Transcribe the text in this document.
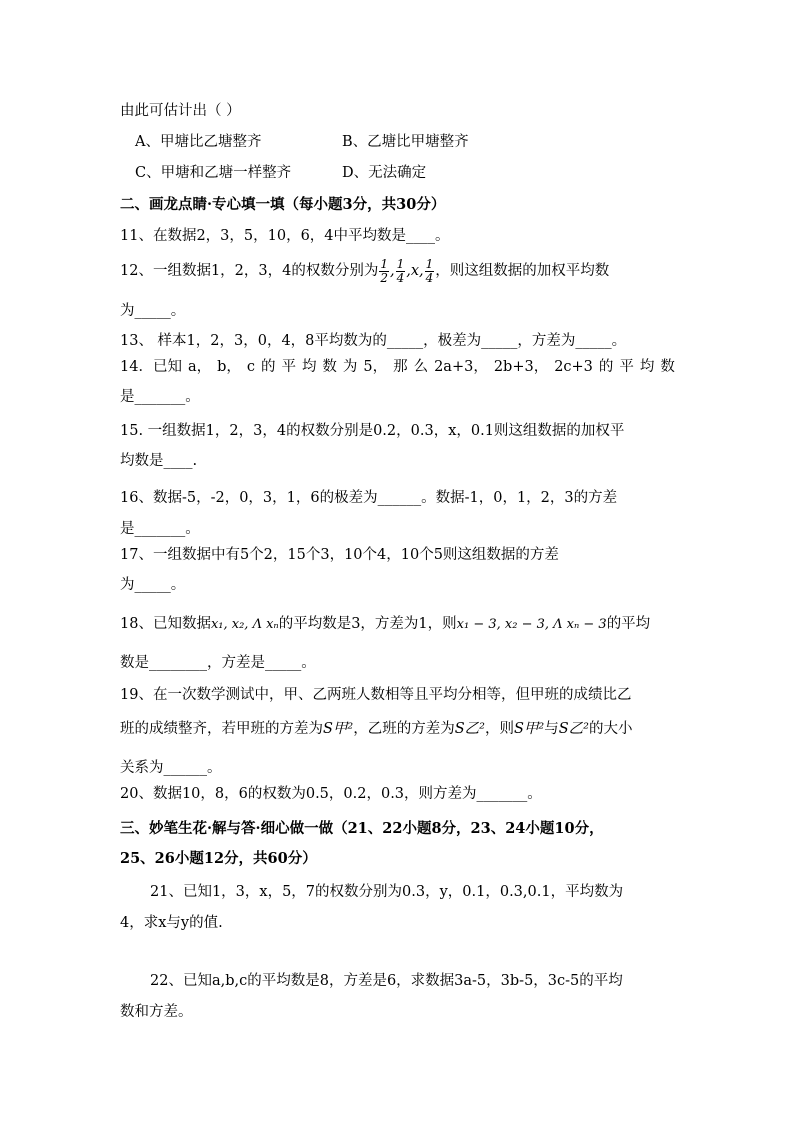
由此可估计出（ ）
A、甲塘比乙塘整齐	B、乙塘比甲塘整齐
C、甲塘和乙塘一样整齐	D、无法确定
二、画龙点睛·专心填一填（每小题3分，共30分）
11、在数据2，3，5，10，6，4中平均数是____。
12、一组数据1，2，3，4的权数分别为 $\frac{1}{2}$ , $\frac{1}{4}$ , x , $\frac{1}{4}$ ，则这组数据的加权平均数
为_____。
13、 样本1，2，3，0，4，8平均数为的_____，极差为_____，方差为_____。
14．已知 a， b， c 的 平 均 数 为 5， 那 么 2a+3， 2b+3， 2c+3 的 平 均 数
是_______。
15. 一组数据1，2，3，4的权数分别是0.2，0.3，x，0.1则这组数据的加权平
均数是____.
16、数据-5，-2，0，3，1，6的极差为______。数据-1，0，1，2，3的方差
是_______。
17、一组数据中有5个2，15个3，10个4，10个5则这组数据的方差
为_____。
18、已知数据x₁, x₂, Λ xₙ的平均数是3，方差为1，则x₁ − 3, x₂ − 3, Λ xₙ − 3的平均
数是________，方差是_____。
19、在一次数学测试中，甲、乙两班人数相等且平均分相等，但甲班的成绩比乙
班的成绩整齐，若甲班的方差为S甲²，乙班的方差为S乙²，则S甲²与S乙²的大小
关系为______。
20、数据10，8，6的权数为0.5，0.2，0.3，则方差为_______。
三、妙笔生花·解与答·细心做一做（21、22小题8分，23、24小题10分，
25、26小题12分，共60分）
21、已知1，3，x，5，7的权数分别为0.3，y，0.1，0.3,0.1，平均数为
4，求x与y的值.
22、已知a,b,c的平均数是8，方差是6，求数据3a-5，3b-5，3c-5的平均
数和方差。
